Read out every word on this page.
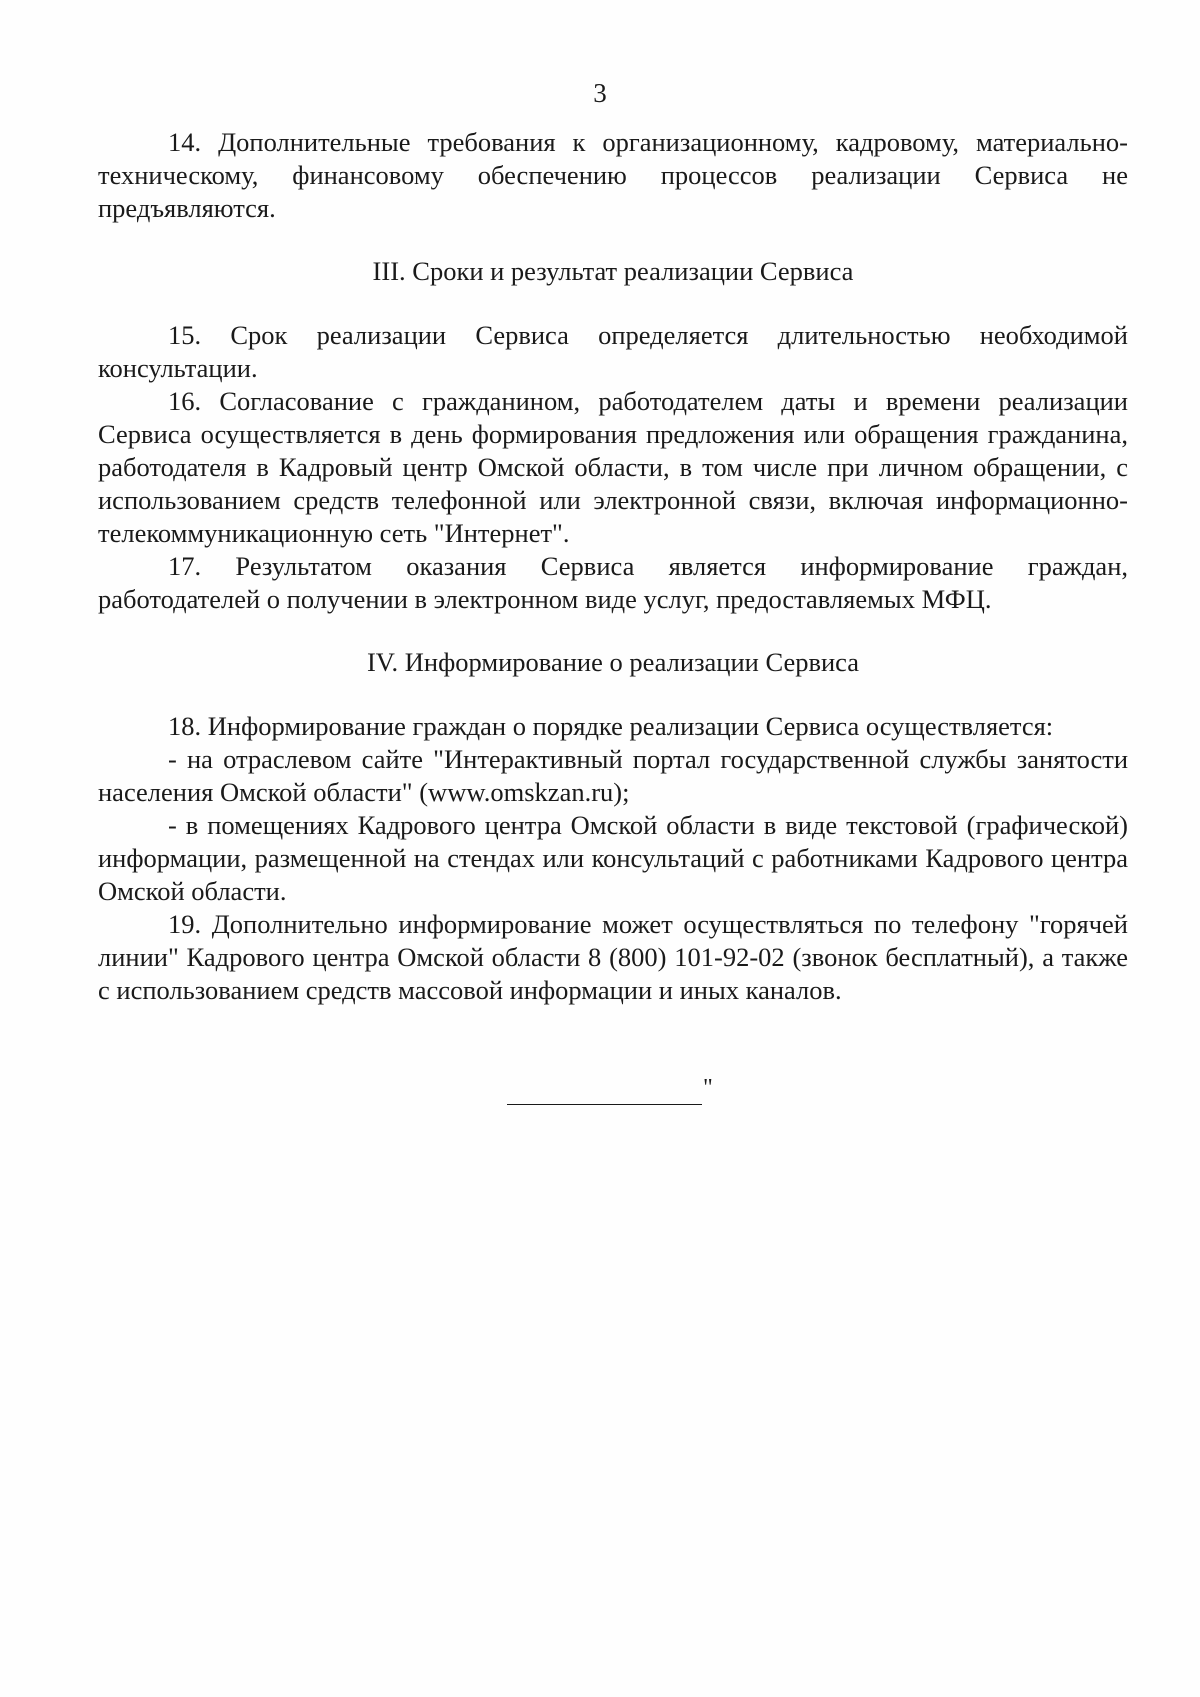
3

14. Дополнительные требования к организационному, кадровому, материально-техническому, финансовому обеспечению процессов реализации Сервиса не предъявляются.

III. Сроки и результат реализации Сервиса

15. Срок реализации Сервиса определяется длительностью необходимой консультации.

16. Согласование с гражданином, работодателем даты и времени реализации Сервиса осуществляется в день формирования предложения или обращения гражданина, работодателя в Кадровый центр Омской области, в том числе при личном обращении, с использованием средств телефонной или электронной связи, включая информационно-телекоммуникационную сеть "Интернет".

17. Результатом оказания Сервиса является информирование граждан, работодателей о получении в электронном виде услуг, предоставляемых МФЦ.

IV. Информирование о реализации Сервиса

18. Информирование граждан о порядке реализации Сервиса осуществляется:

- на отраслевом сайте "Интерактивный портал государственной службы занятости населения Омской области" (www.omskzan.ru);

- в помещениях Кадрового центра Омской области в виде текстовой (графической) информации, размещенной на стендах или консультаций с работниками Кадрового центра Омской области.

19. Дополнительно информирование может осуществляться по телефону "горячей линии" Кадрового центра Омской области 8 (800) 101-92-02 (звонок бесплатный), а также с использованием средств массовой информации и иных каналов.

"
